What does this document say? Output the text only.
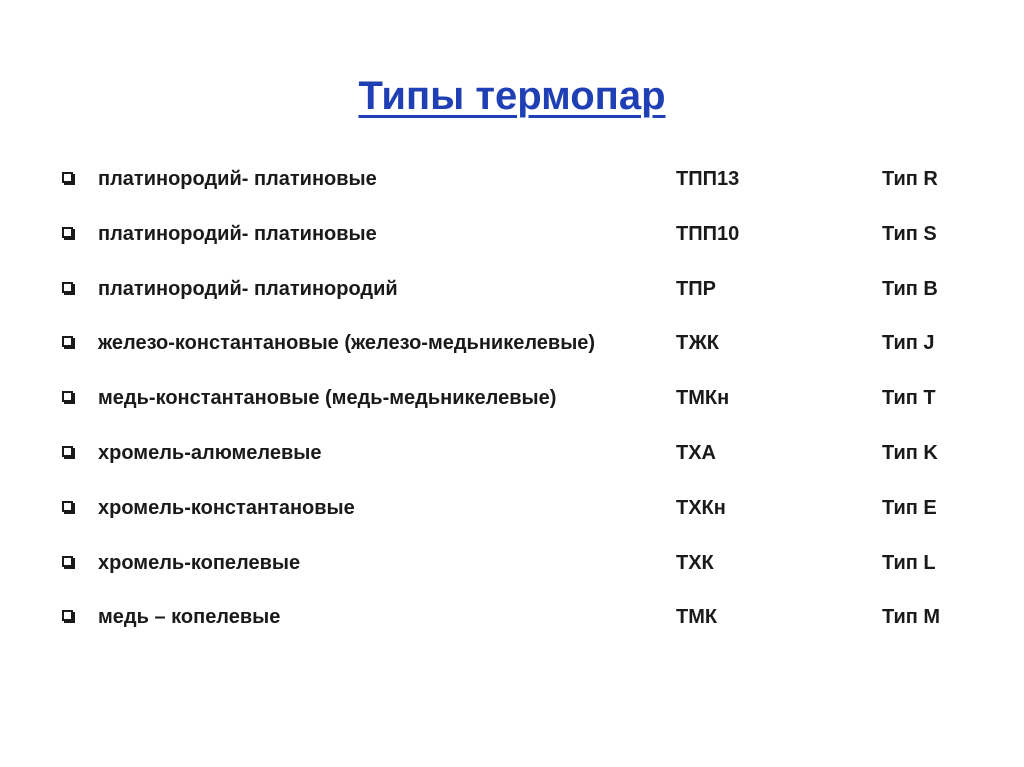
Типы термопар
платинородий- платиновые	ТПП13	Тип R
платинородий- платиновые	ТПП10	Тип S
платинородий- платинородий	ТПР	Тип B
железо-константановые (железо-медьникелевые)	ТЖК	Тип J
медь-константановые (медь-медьникелевые)	ТМКн	Тип T
хромель-алюмелевые	ТХА	Тип K
хромель-константановые	ТХКн	Тип E
хромель-копелевые	ТХК	Тип L
медь – копелевые	ТМК	Тип M
